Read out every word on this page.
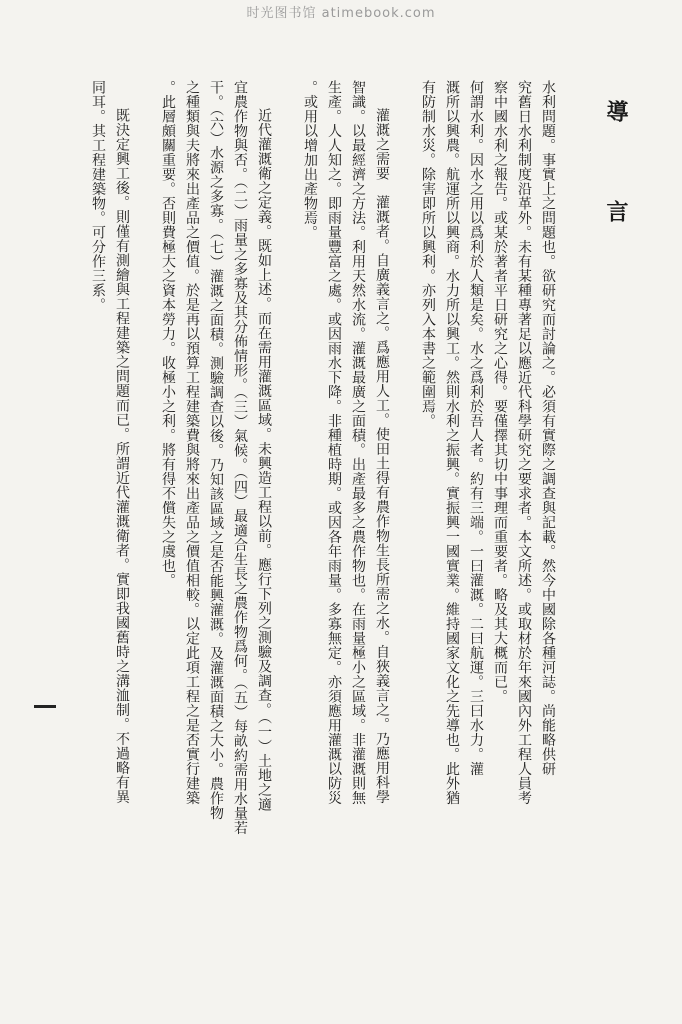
时光图书馆 atimebook.com
導　言
水利問題。事實上之問題也。欲研究而討論之。必須有實際之調查與記載。然今中國除各種河誌。尚能略供研
究舊日水利制度沿革外。未有某種專著足以應近代科學研究之要求者。本文所述。或取材於年來國內外工程人員考
察中國水利之報告。或某於著者平日研究之心得。要僅擇其切中事理而重要者。略及其大概而已。
何謂水利。因水之用以爲利於人類是矣。水之爲利於吾人者。約有三端。一曰灌溉。二曰航運。三曰水力。灌
溉所以興農。航運所以興商。水力所以興工。然則水利之振興。實振興一國實業。維持國家文化之先導也。此外猶
有防制水災。除害即所以興利。亦列入本書之範圍焉。
灌溉之需要　灌溉者。自廣義言之。爲應用人工。使田土得有農作物生長所需之水。自狹義言之。乃應用科學
智識。以最經濟之方法。利用天然水流。灌溉最廣之面積。出產最多之農作物也。在雨量極小之區域。非灌溉則無
生產。人人知之。即雨量豐富之處。或因雨水下降。非種植時期。或因各年雨量。多寡無定。亦須應用灌溉以防災
。或用以增加出產物焉。
近代灌溉衛之定義。既如上述。而在需用灌溉區域。未興造工程以前。應行下列之測驗及調查。（一）土地之適
宜農作物與否。（二）雨量之多寡及其分佈情形。（三）氣候。（四）最適合生長之農作物爲何。（五）每畝約需用水量若
干。（六）水源之多寡。（七）灌溉之面積。測驗調查以後。乃知該區域之是否能興灌溉。及灌溉面積之大小。農作物
之種類與夫將來出產品之價值。於是再以預算工程建築費與將來出產品之價值相較。以定此項工程之是否實行建築
。此層頗關重要。否則費極大之資本勞力。收極小之利。將有得不償失之虞也。
既決定興工後。則僅有測繪與工程建築之問題而已。所謂近代灌溉衛者。實即我國舊時之溝洫制。不過略有異
同耳。其工程建築物。可分作三系。
